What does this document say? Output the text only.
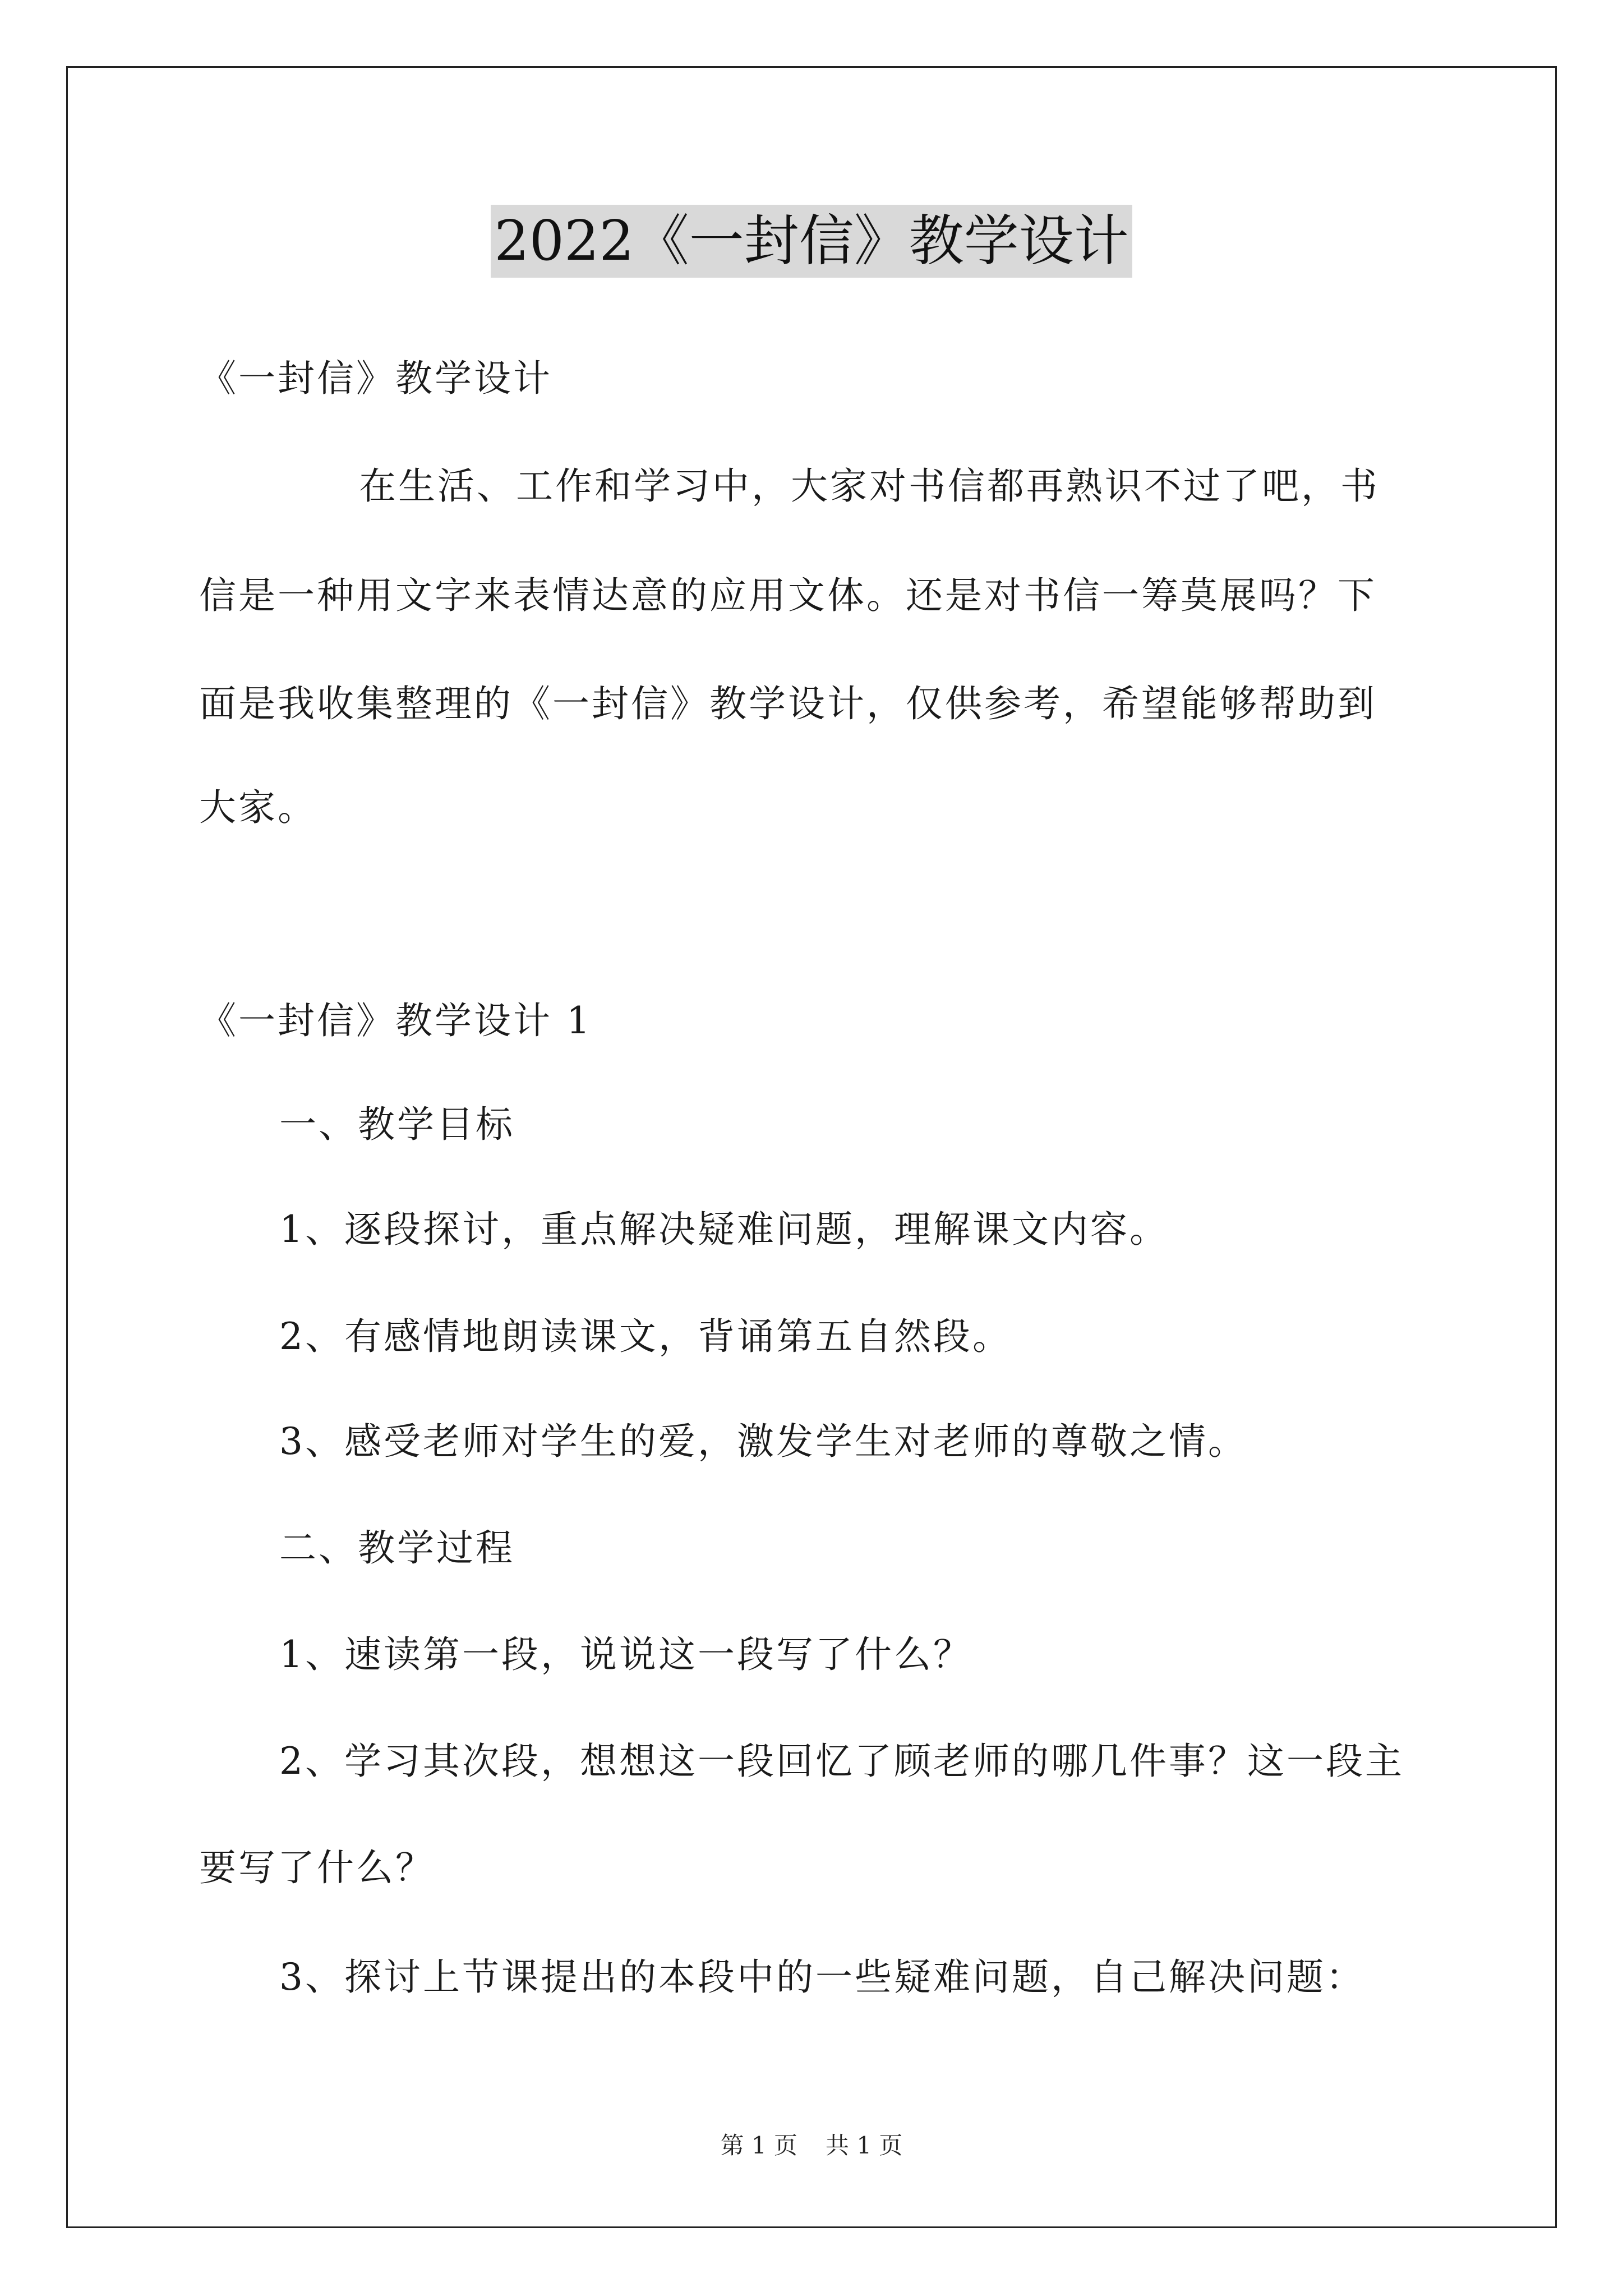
2022《一封信》教学设计
《一封信》教学设计
在生活、工作和学习中，大家对书信都再熟识不过了吧，书
信是一种用文字来表情达意的应用文体。还是对书信一筹莫展吗？下
面是我收集整理的《一封信》教学设计，仅供参考，希望能够帮助到
大家。
《一封信》教学设计 1
一、教学目标
1、逐段探讨，重点解决疑难问题，理解课文内容。
2、有感情地朗读课文，背诵第五自然段。
3、感受老师对学生的爱，激发学生对老师的尊敬之情。
二、教学过程
1、速读第一段，说说这一段写了什么？
2、学习其次段，想想这一段回忆了顾老师的哪几件事？这一段主
要写了什么？
3、探讨上节课提出的本段中的一些疑难问题，自己解决问题：
第 1 页 共 1 页
